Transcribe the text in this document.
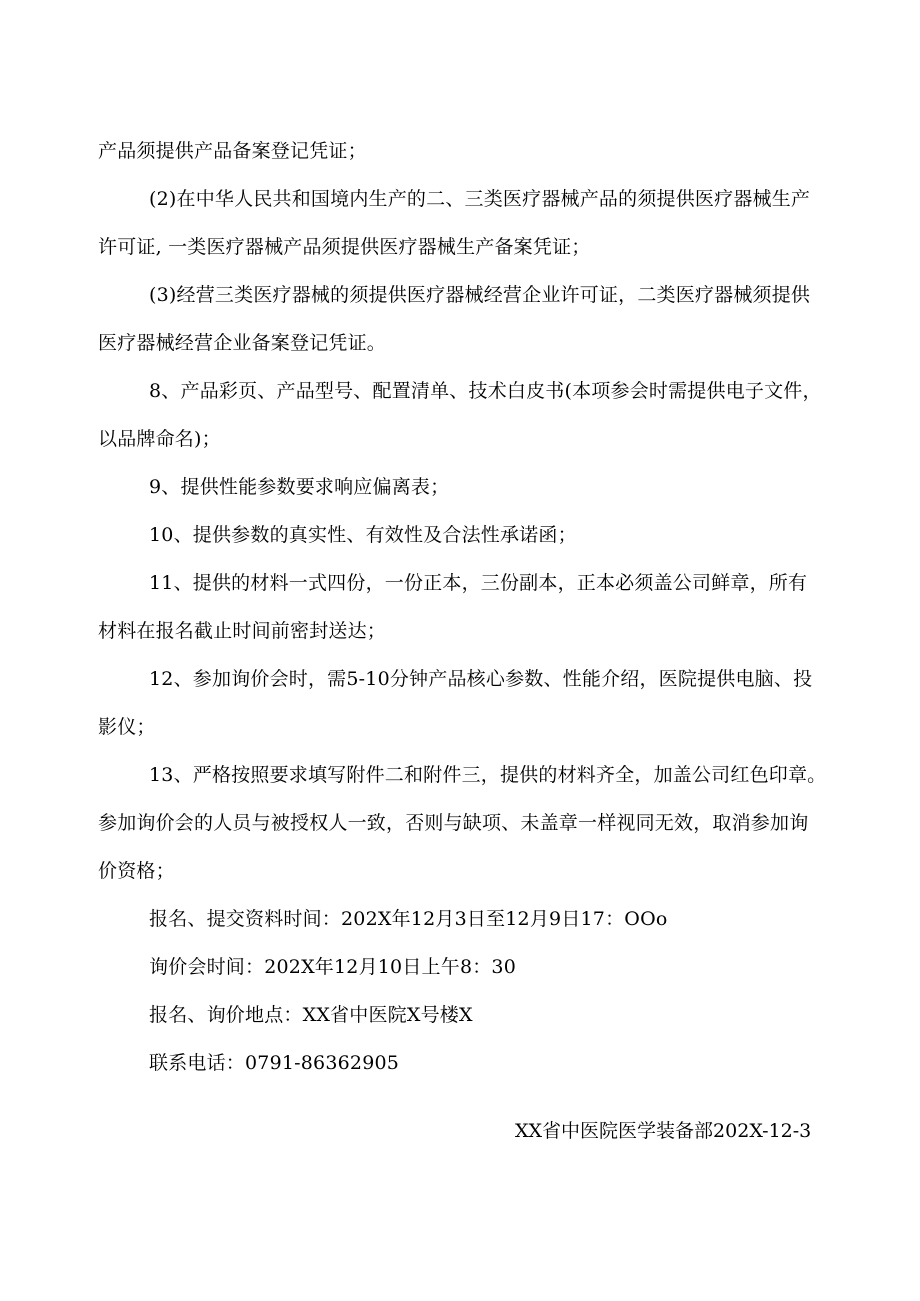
产品须提供产品备案登记凭证；
(2)在中华人民共和国境内生产的二、三类医疗器械产品的须提供医疗器械生产
许可证, 一类医疗器械产品须提供医疗器械生产备案凭证；
(3)经营三类医疗器械的须提供医疗器械经营企业许可证，二类医疗器械须提供
医疗器械经营企业备案登记凭证。
8、产品彩页、产品型号、配置清单、技术白皮书(本项参会时需提供电子文件，
以品牌命名)；
9、提供性能参数要求响应偏离表；
10、提供参数的真实性、有效性及合法性承诺函；
11、提供的材料一式四份，一份正本，三份副本，正本必须盖公司鲜章，所有
材料在报名截止时间前密封送达；
12、参加询价会时，需5-10分钟产品核心参数、性能介绍，医院提供电脑、投
影仪；
13、严格按照要求填写附件二和附件三，提供的材料齐全，加盖公司红色印章。
参加询价会的人员与被授权人一致，否则与缺项、未盖章一样视同无效，取消参加询
价资格；
报名、提交资料时间：202X年12月3日至12月9日17：OOo
询价会时间：202X年12月10日上午8：30
报名、询价地点：XX省中医院X号楼X
联系电话：0791-86362905
XX省中医院医学装备部202X-12-3
